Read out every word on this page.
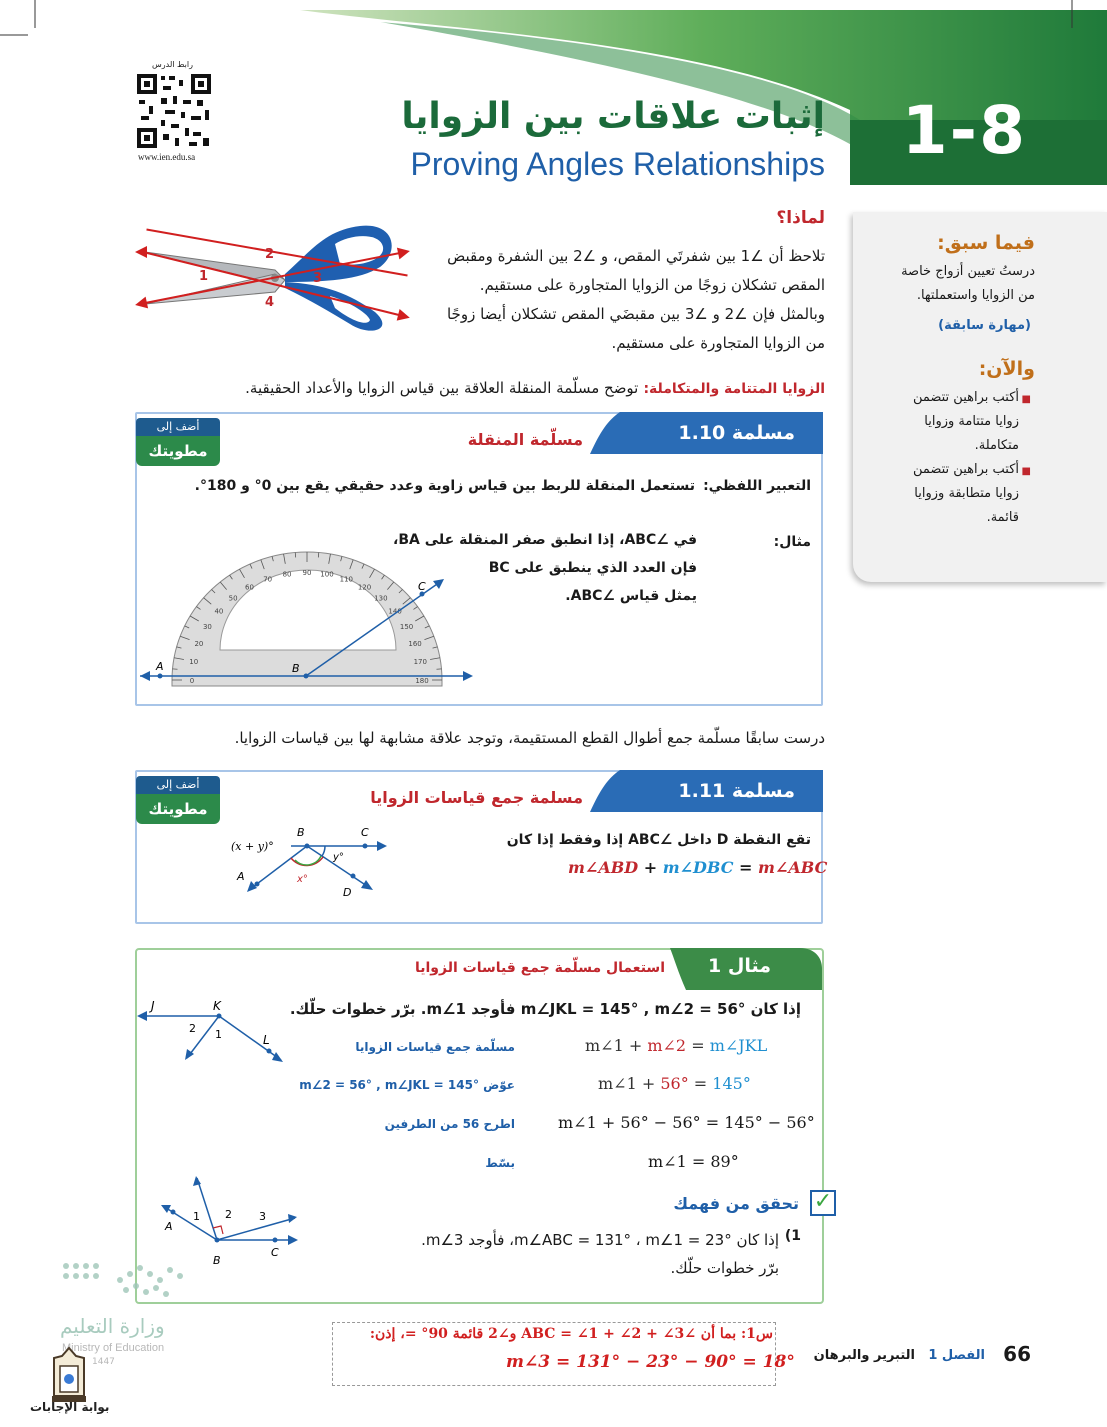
1-8
إثبات علاقات بين الزوايا
Proving Angles Relationships
رابط الدرس
www.ien.edu.sa
فيما سبق:
درستُ تعيين أزواج خاصة
من الزوايا واستعملتها.
(مهارة سابقة)
والآن:
■
أكتب براهين تتضمن
زوايا متتامة وزوايا
متكاملة.
■
أكتب براهين تتضمن
زوايا متطابقة وزوايا
قائمة.
1
2
3
4
لماذا؟
تلاحظ أن ∠1 بين شفرتَي المقص، و ∠2 بين الشفرة ومقبض
المقص تشكلان زوجًا من الزوايا المتجاورة على مستقيم.
وبالمثل فإن ∠2 و ∠3 بين مقبضَي المقص تشكلان أيضا زوجًا
من الزوايا المتجاورة على مستقيم.
الزوايا المتتامة والمتكاملة: توضح مسلّمة المنقلة العلاقة بين قياس الزوايا والأعداد الحقيقية.
مسلمة 1.10
مسلّمة المنقلة
أضف إلى
مطويتك
التعبير اللفظي:
تستعمل المنقلة للربط بين قياس زاوية وعدد حقيقي يقع بين 0° و 180°.
مثال:
في ∠ABC، إذا انطبق صفر المنقلة على BA،
فإن العدد الذي ينطبق على BC
يمثل قياس ∠ABC.
0
10
20
30
40
50
60
70
80 90 100
110
120
130
140
150
160
170
180
A	B
C
درست سابقًا مسلّمة جمع أطوال القطع المستقيمة، وتوجد علاقة مشابهة لها بين قياسات الزوايا.
مسلمة 1.11
مسلمة جمع قياسات الزوايا
أضف إلى
مطويتك
تقع النقطة D داخل ∠ABC إذا وفقط إذا كان
m∠ABD + m∠DBC = m∠ABC
(x + y)°
B	C
A
D
x°
y°
مثال 1
استعمال مسلّمة جمع قياسات الزوايا
إذا كان m∠JKL = 145° , m∠2 = 56° فأوجد m∠1. برّر خطوات حلّك.
J	K
L
1
2
m∠1 + m∠2 = m∠JKL
مسلّمة جمع قياسات الزوايا
m∠1 + 56° = 145°
عوّض m∠2 = 56° , m∠JKL = 145°
m∠1 + 56° − 56° = 145° − 56°
اطرح 56 من الطرفين
m∠1 = 89°
بسّط
✓
تحقق من فهمك
1)
إذا كان m∠ABC = 131° ، m∠1 = 23°، فأوجد m∠3.
برّر خطوات حلّك.
A
B
C
1 2 3
س1: بما أن ∠ABC = ∠1 + ∠2 + ∠3 و∠2 قائمة 90° =، إذن:
m∠3 = 131° − 23° − 90° = 18°	66
الفصل 1
التبرير والبرهان
وزارة التعليم
Ministry of Education
1447
بوابة الإجابات
